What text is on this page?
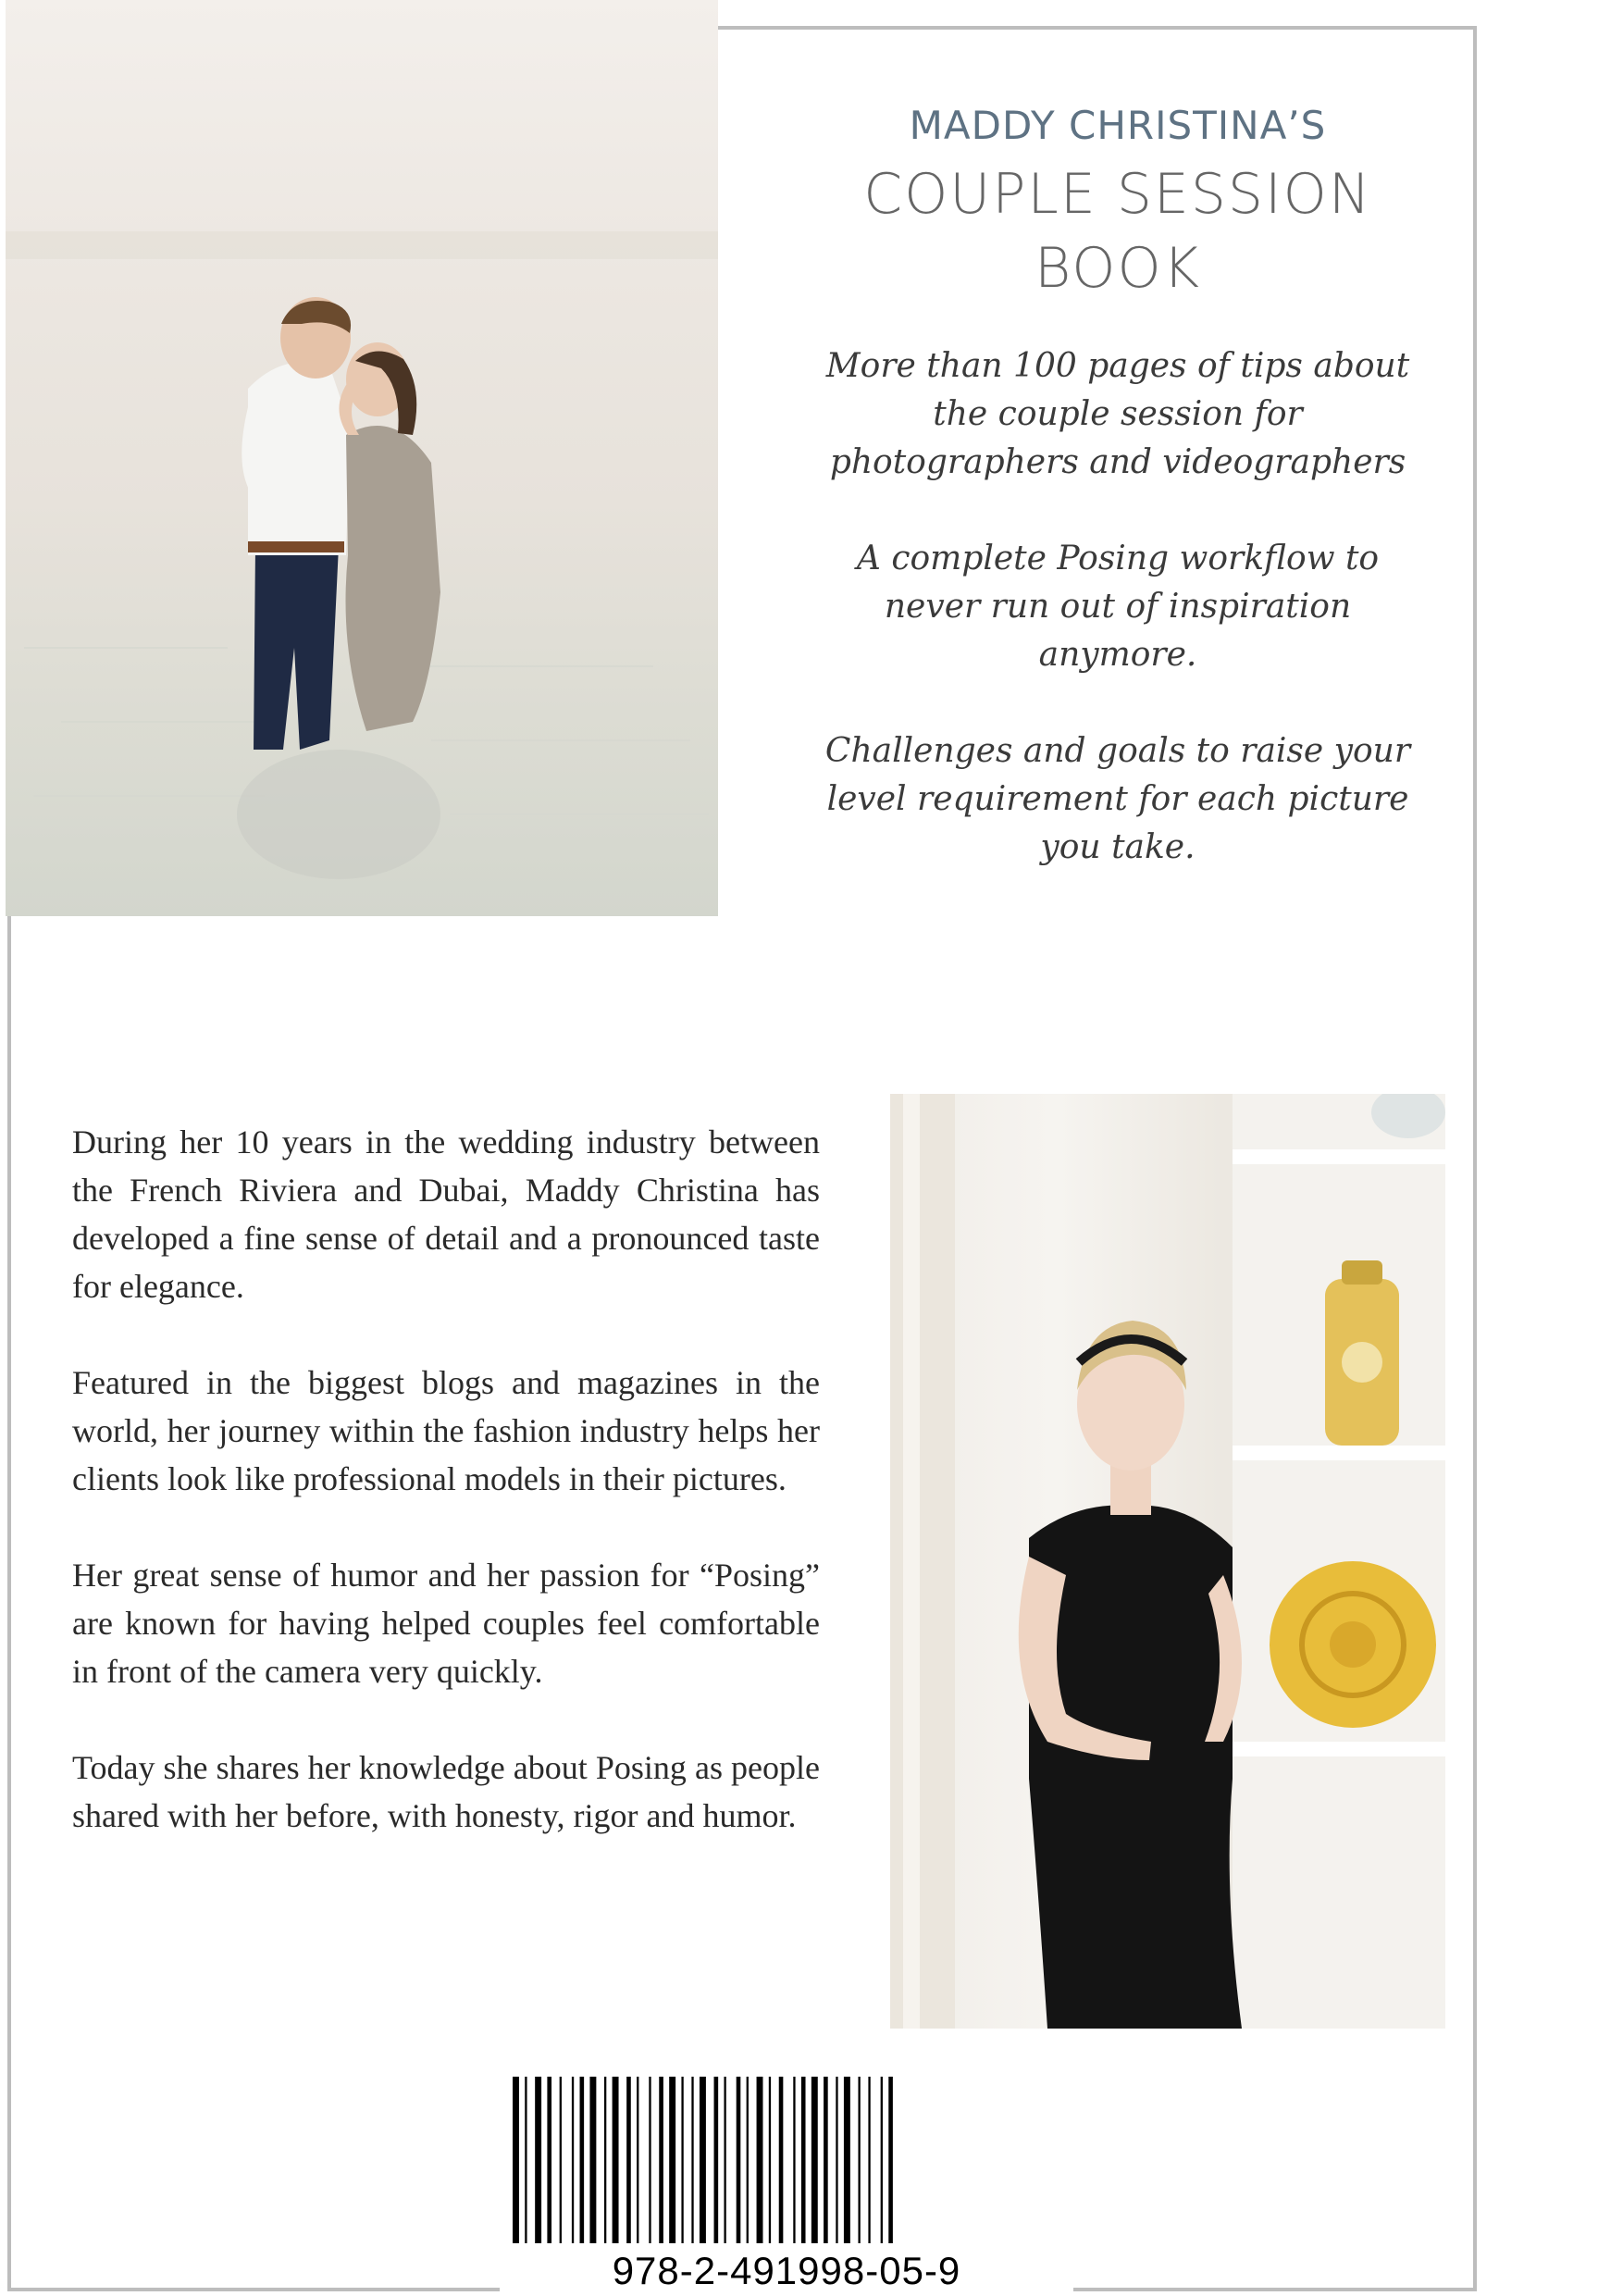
MADDY CHRISTINA’S
COUPLE SESSION BOOK

More than 100 pages of tips about the couple session for photographers and videographers

A complete Posing workflow to never run out of inspiration anymore.

Challenges and goals to raise your level requirement for each picture you take.

During her 10 years in the wedding industry between the French Riviera and Dubai, Maddy Christina has developed a fine sense of detail and a pronounced taste for elegance.

Featured in the biggest blogs and magazines in the world, her journey within the fashion industry helps her clients look like professional models in their pictures.

Her great sense of humor and her passion for “Posing” are known for having helped couples feel comfortable in front of the camera very quickly.

Today she shares her knowledge about Posing as people shared with her before, with honesty, rigor and humor.

978-2-491998-05-9
